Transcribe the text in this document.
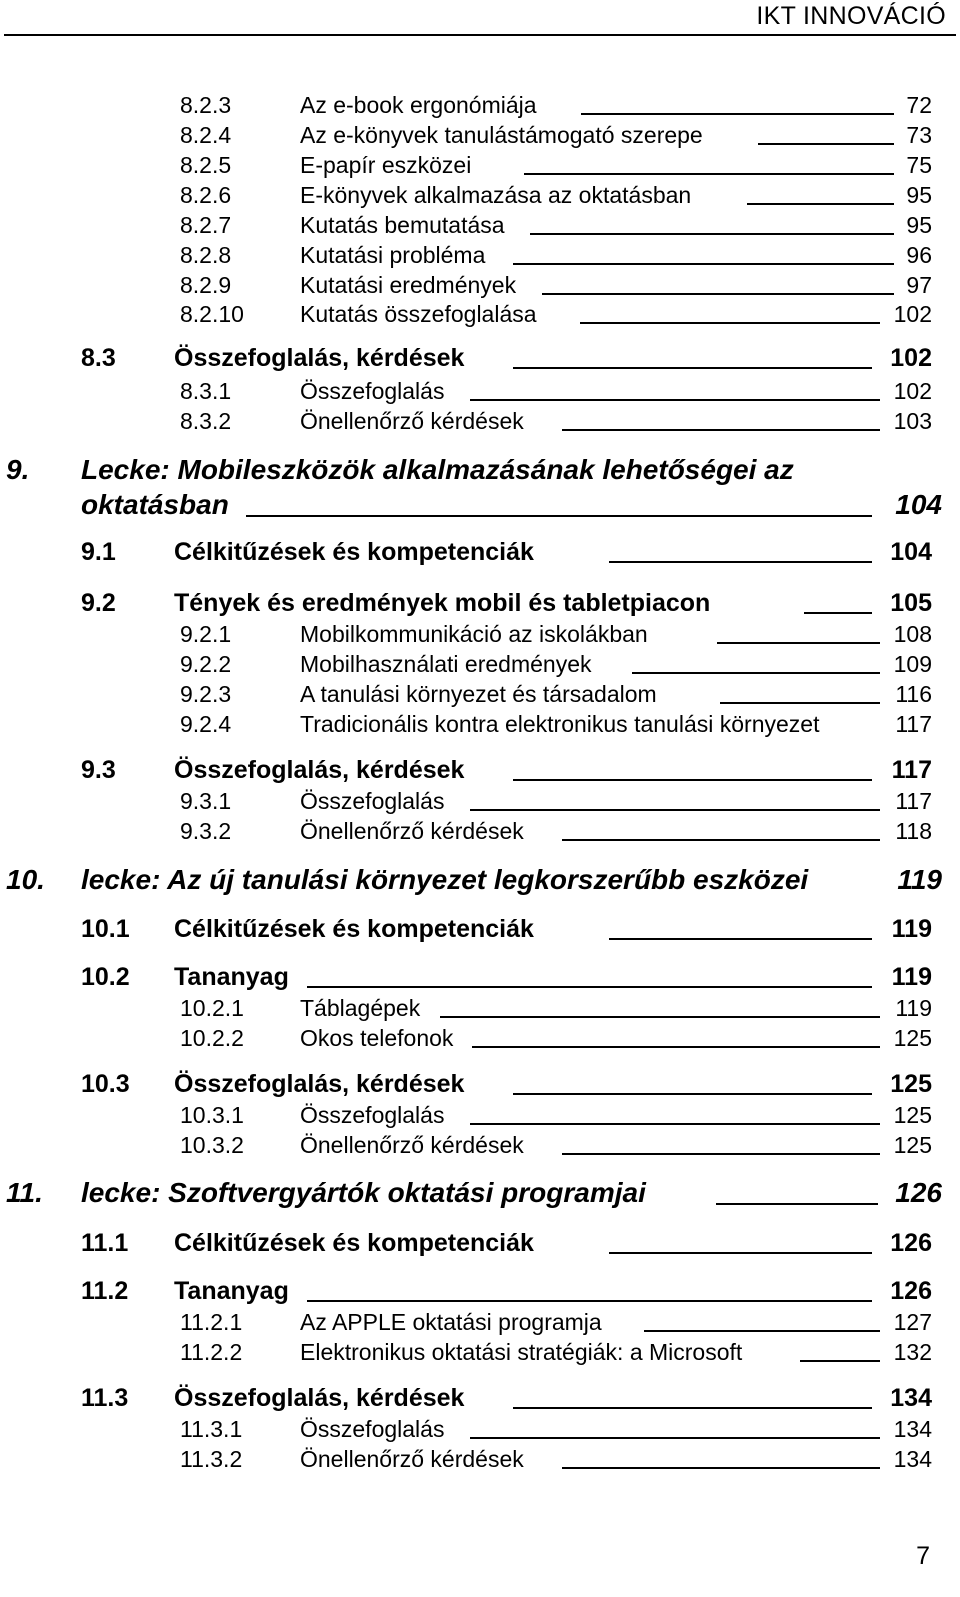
IKT INNOVÁCIÓ
8.2.3	Az e-book ergonómiája	72
8.2.4	Az e-könyvek tanulástámogató szerepe	73
8.2.5	E-papír eszközei	75
8.2.6	E-könyvek alkalmazása az oktatásban	95
8.2.7	Kutatás bemutatása	95
8.2.8	Kutatási probléma	96
8.2.9	Kutatási eredmények	97
8.2.10 Kutatás összefoglalása	102
8.3 Összefoglalás, kérdések	102
8.3.1	Összefoglalás	102
8.3.2	Önellenőrző kérdések	103
9. Lecke: Mobileszközök alkalmazásának lehetőségei az
oktatásban	104
9.1 Célkitűzések és kompetenciák	104
9.2 Tények és eredmények mobil és tabletpiacon	105
9.2.1	Mobilkommunikáció az iskolákban	108
9.2.2	Mobilhasználati eredmények	109
9.2.3	A tanulási környezet és társadalom	116
9.2.4	Tradicionális kontra elektronikus tanulási környezet	117
9.3 Összefoglalás, kérdések	117
9.3.1	Összefoglalás	117
9.3.2	Önellenőrző kérdések	118
10. lecke: Az új tanulási környezet legkorszerűbb eszközei	119
10.1 Célkitűzések és kompetenciák	119
10.2 Tananyag	119
10.2.1 Táblagépek	119
10.2.2 Okos telefonok	125
10.3 Összefoglalás, kérdések	125
10.3.1 Összefoglalás	125
10.3.2 Önellenőrző kérdések	125
11. lecke: Szoftvergyártók oktatási programjai	126
11.1 Célkitűzések és kompetenciák	126
11.2 Tananyag	126
11.2.1	Az APPLE oktatási programja	127
11.2.2	Elektronikus oktatási stratégiák: a Microsoft	132
11.3 Összefoglalás, kérdések	134
11.3.1	Összefoglalás	134
11.3.2	Önellenőrző kérdések	134
7
